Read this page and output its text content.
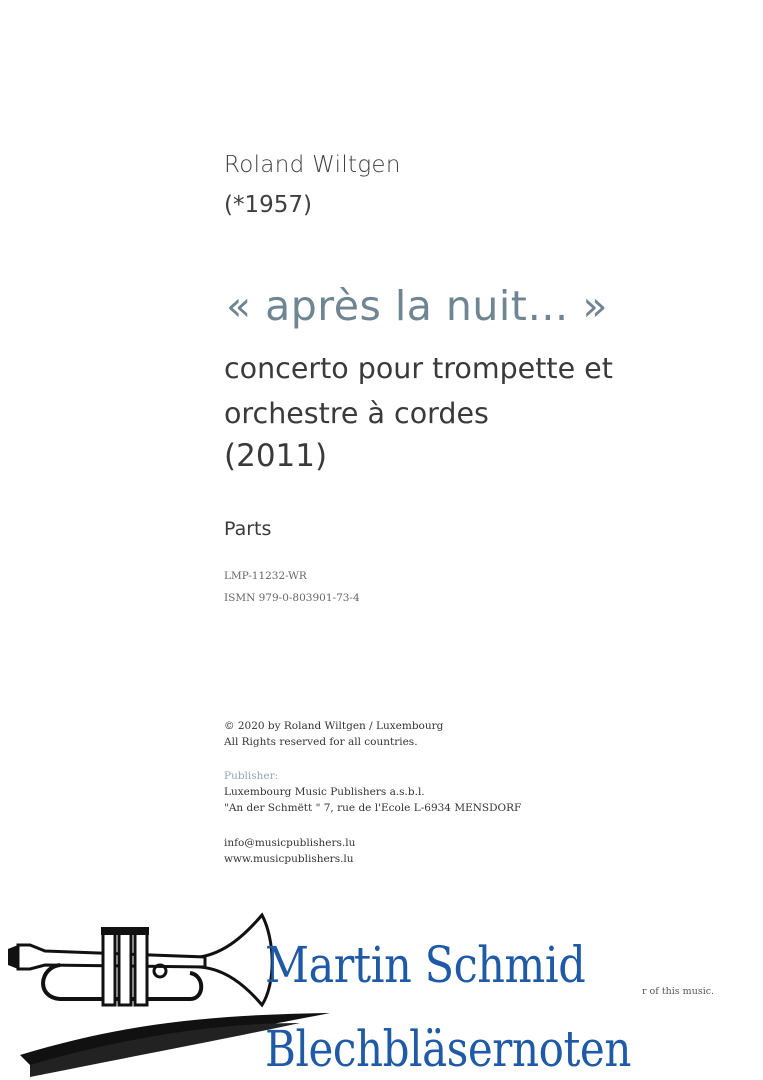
Roland Wiltgen
(*1957)
« après la nuit… »
concerto pour trompette et
orchestre à cordes
(2011)
Parts
LMP-11232-WR
ISMN 979-0-803901-73-4
© 2020 by Roland Wiltgen / Luxembourg
All Rights reserved for all countries.
Publisher:
Luxembourg Music Publishers a.s.b.l.
"An der Schmëtt " 7, rue de l'Ecole L-6934 MENSDORF
info@musicpublishers.lu
www.musicpublishers.lu
r of this music.
Martin Schmid
Blechbläsernoten
